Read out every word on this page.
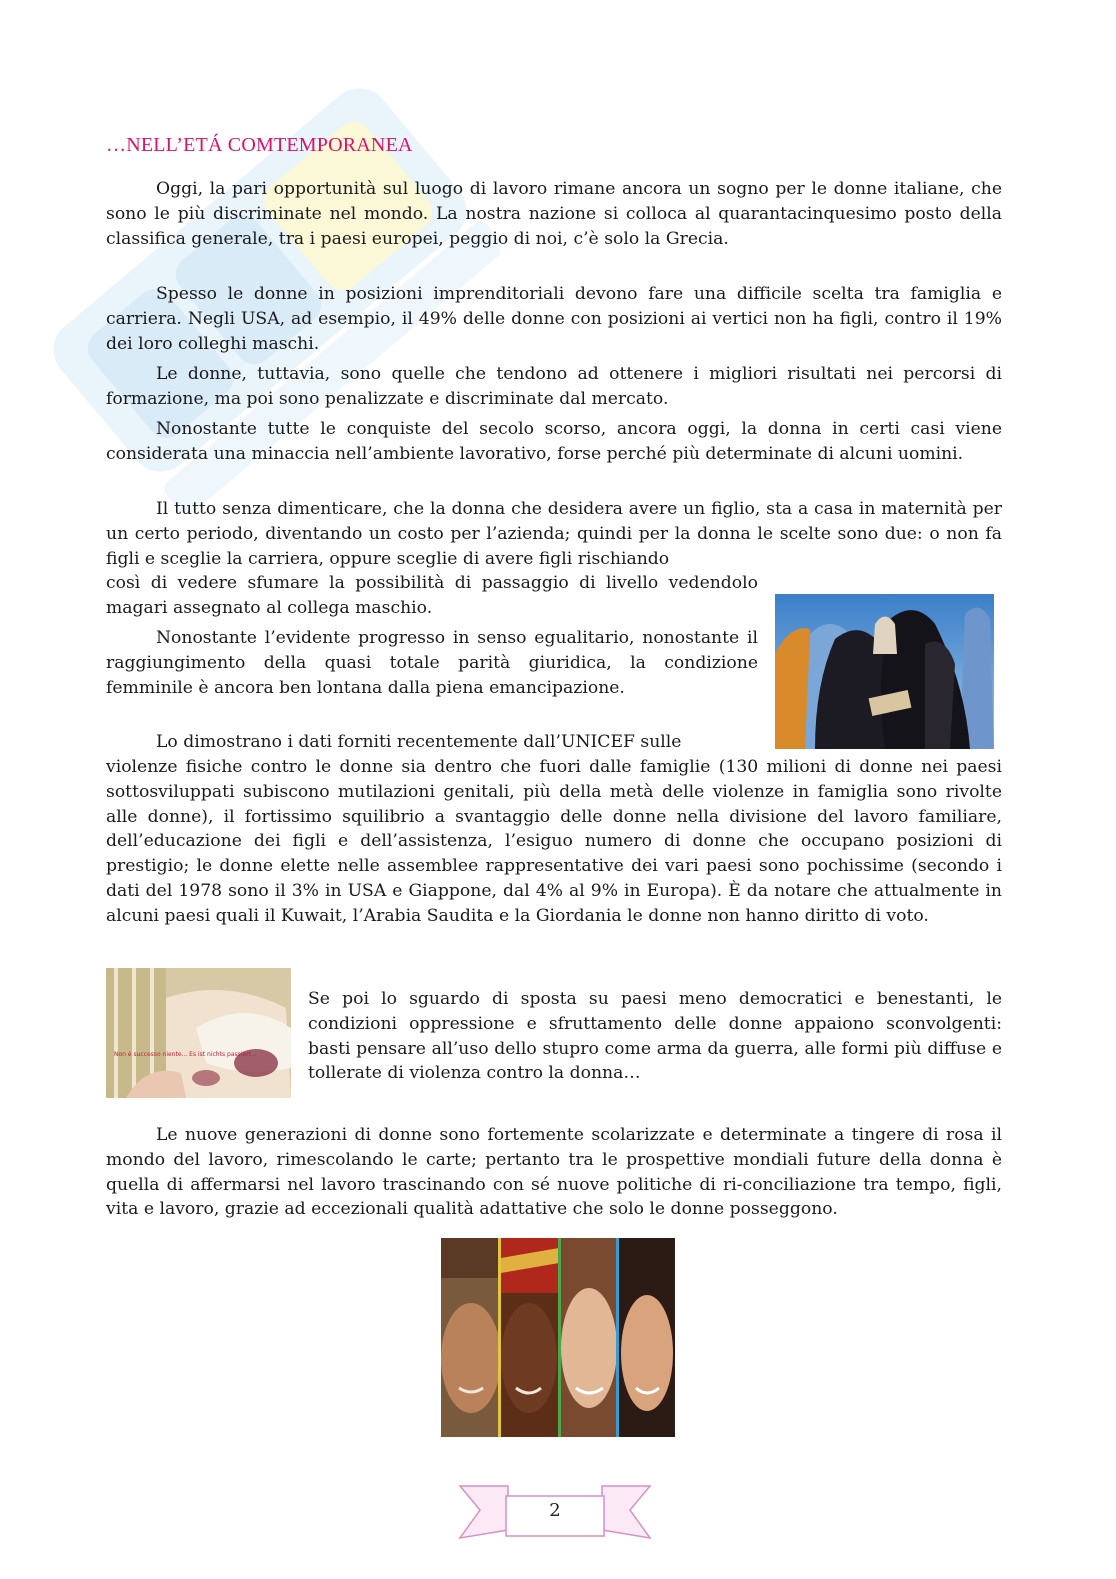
…NELL’ETÁ COMTEMPORANEA

Oggi, la pari opportunità sul luogo di lavoro rimane ancora un sogno per le donne italiane, che sono le più discriminate nel mondo. La nostra nazione si colloca al quarantacinquesimo posto della classifica generale, tra i paesi europei, peggio di noi, c’è solo la Grecia.

Spesso le donne in posizioni imprenditoriali devono fare una difficile scelta tra famiglia e carriera. Negli USA, ad esempio, il 49% delle donne con posizioni ai vertici non ha figli, contro il 19% dei loro colleghi maschi.

Le donne, tuttavia, sono quelle che tendono ad ottenere i migliori risultati nei percorsi di formazione, ma poi sono penalizzate e discriminate dal mercato.

Nonostante tutte le conquiste del secolo scorso, ancora oggi, la donna in certi casi viene considerata una minaccia nell’ambiente lavorativo, forse perché più determinate di alcuni uomini.

Il tutto senza dimenticare, che la donna che desidera avere un figlio, sta a casa in maternità per un certo periodo, diventando un costo per l’azienda; quindi per la donna le scelte sono due: o non fa figli e sceglie la carriera, oppure sceglie di avere figli rischiando

così di vedere sfumare la possibilità di passaggio di livello vedendolo magari assegnato al collega maschio.

Nonostante l’evidente progresso in senso egualitario, nonostante il raggiungimento della quasi totale parità giuridica, la condizione femminile è ancora ben lontana dalla piena emancipazione.

Lo dimostrano i dati forniti recentemente dall’UNICEF sulle

violenze fisiche contro le donne sia dentro che fuori dalle famiglie (130 milioni di donne nei paesi sottosviluppati subiscono mutilazioni genitali, più della metà delle violenze in famiglia sono rivolte alle donne), il fortissimo squilibrio a svantaggio delle donne nella divisione del lavoro familiare, dell’educazione dei figli e dell’assistenza, l’esiguo numero di donne che occupano posizioni di prestigio; le donne elette nelle assemblee rappresentative dei vari paesi sono pochissime (secondo i dati del 1978 sono il 3% in USA e Giappone, dal 4% al 9% in Europa). È da notare che attualmente in alcuni paesi quali il Kuwait, l’Arabia Saudita e la Giordania le donne non hanno diritto di voto.

Se poi lo sguardo di sposta su paesi meno democratici e benestanti, le condizioni oppressione e sfruttamento delle donne appaiono sconvolgenti: basti pensare all’uso dello stupro come arma da guerra, alle formi più diffuse e tollerate di violenza contro la donna…

Le nuove generazioni di donne sono fortemente scolarizzate e determinate a tingere di rosa il mondo del lavoro, rimescolando le carte; pertanto tra le prospettive mondiali future della donna è quella di affermarsi nel lavoro trascinando con sé nuove politiche di ri-conciliazione tra tempo, figli, vita e lavoro, grazie ad eccezionali qualità adattative che solo le donne posseggono.

Non è successo niente... Es ist nichts passiert...
2
